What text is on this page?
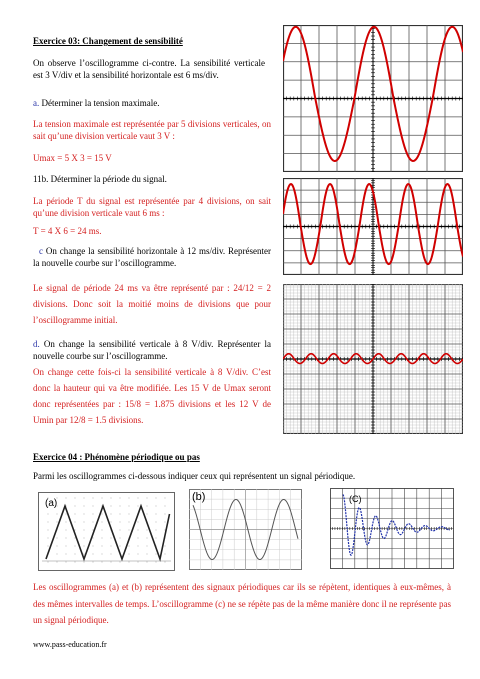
Exercice 03: Changement de sensibilité
On observe l’oscillogramme ci-contre. La sensibilité verticale est 3 V/div et la sensibilité horizontale est 6 ms/div.
a. Déterminer la tension maximale.
La tension maximale est représentée par 5 divisions verticales, on sait qu’une division verticale vaut 3 V :
Umax = 5 X 3 = 15 V
11b. Déterminer la période du signal.
La période T du signal est représentée par 4 divisions, on sait qu’une division verticale vaut 6 ms :
T = 4 X 6 = 24 ms.
c On change la sensibilité horizontale à 12 ms/div. Représenter la nouvelle courbe sur l’oscillogramme.
Le signal de période 24 ms va être représenté par : 24/12 = 2 divisions. Donc soit la moitié moins de divisions que pour l’oscillogramme initial.
d. On change la sensibilité verticale à 8 V/div. Représenter la nouvelle courbe sur l’oscillogramme.
On change cette fois-ci la sensibilité verticale à 8 V/div. C’est donc la hauteur qui va être modifiée. Les 15 V de Umax seront donc représentées par : 15/8 = 1.875 divisions et les 12 V de Umin par 12/8 = 1.5 divisions.
Exercice 04 : Phénomène périodique ou pas
Parmi les oscillogrammes ci-dessous indiquer ceux qui représentent un signal périodique.
(a)
(b)	(C)
Les oscillogrammes (a) et (b) représentent des signaux périodiques car ils se répètent, identiques à eux-mêmes, à des mêmes intervalles de temps. L’oscillogramme (c) ne se répète pas de la même manière donc il ne représente pas un signal périodique.
www.pass-education.fr
